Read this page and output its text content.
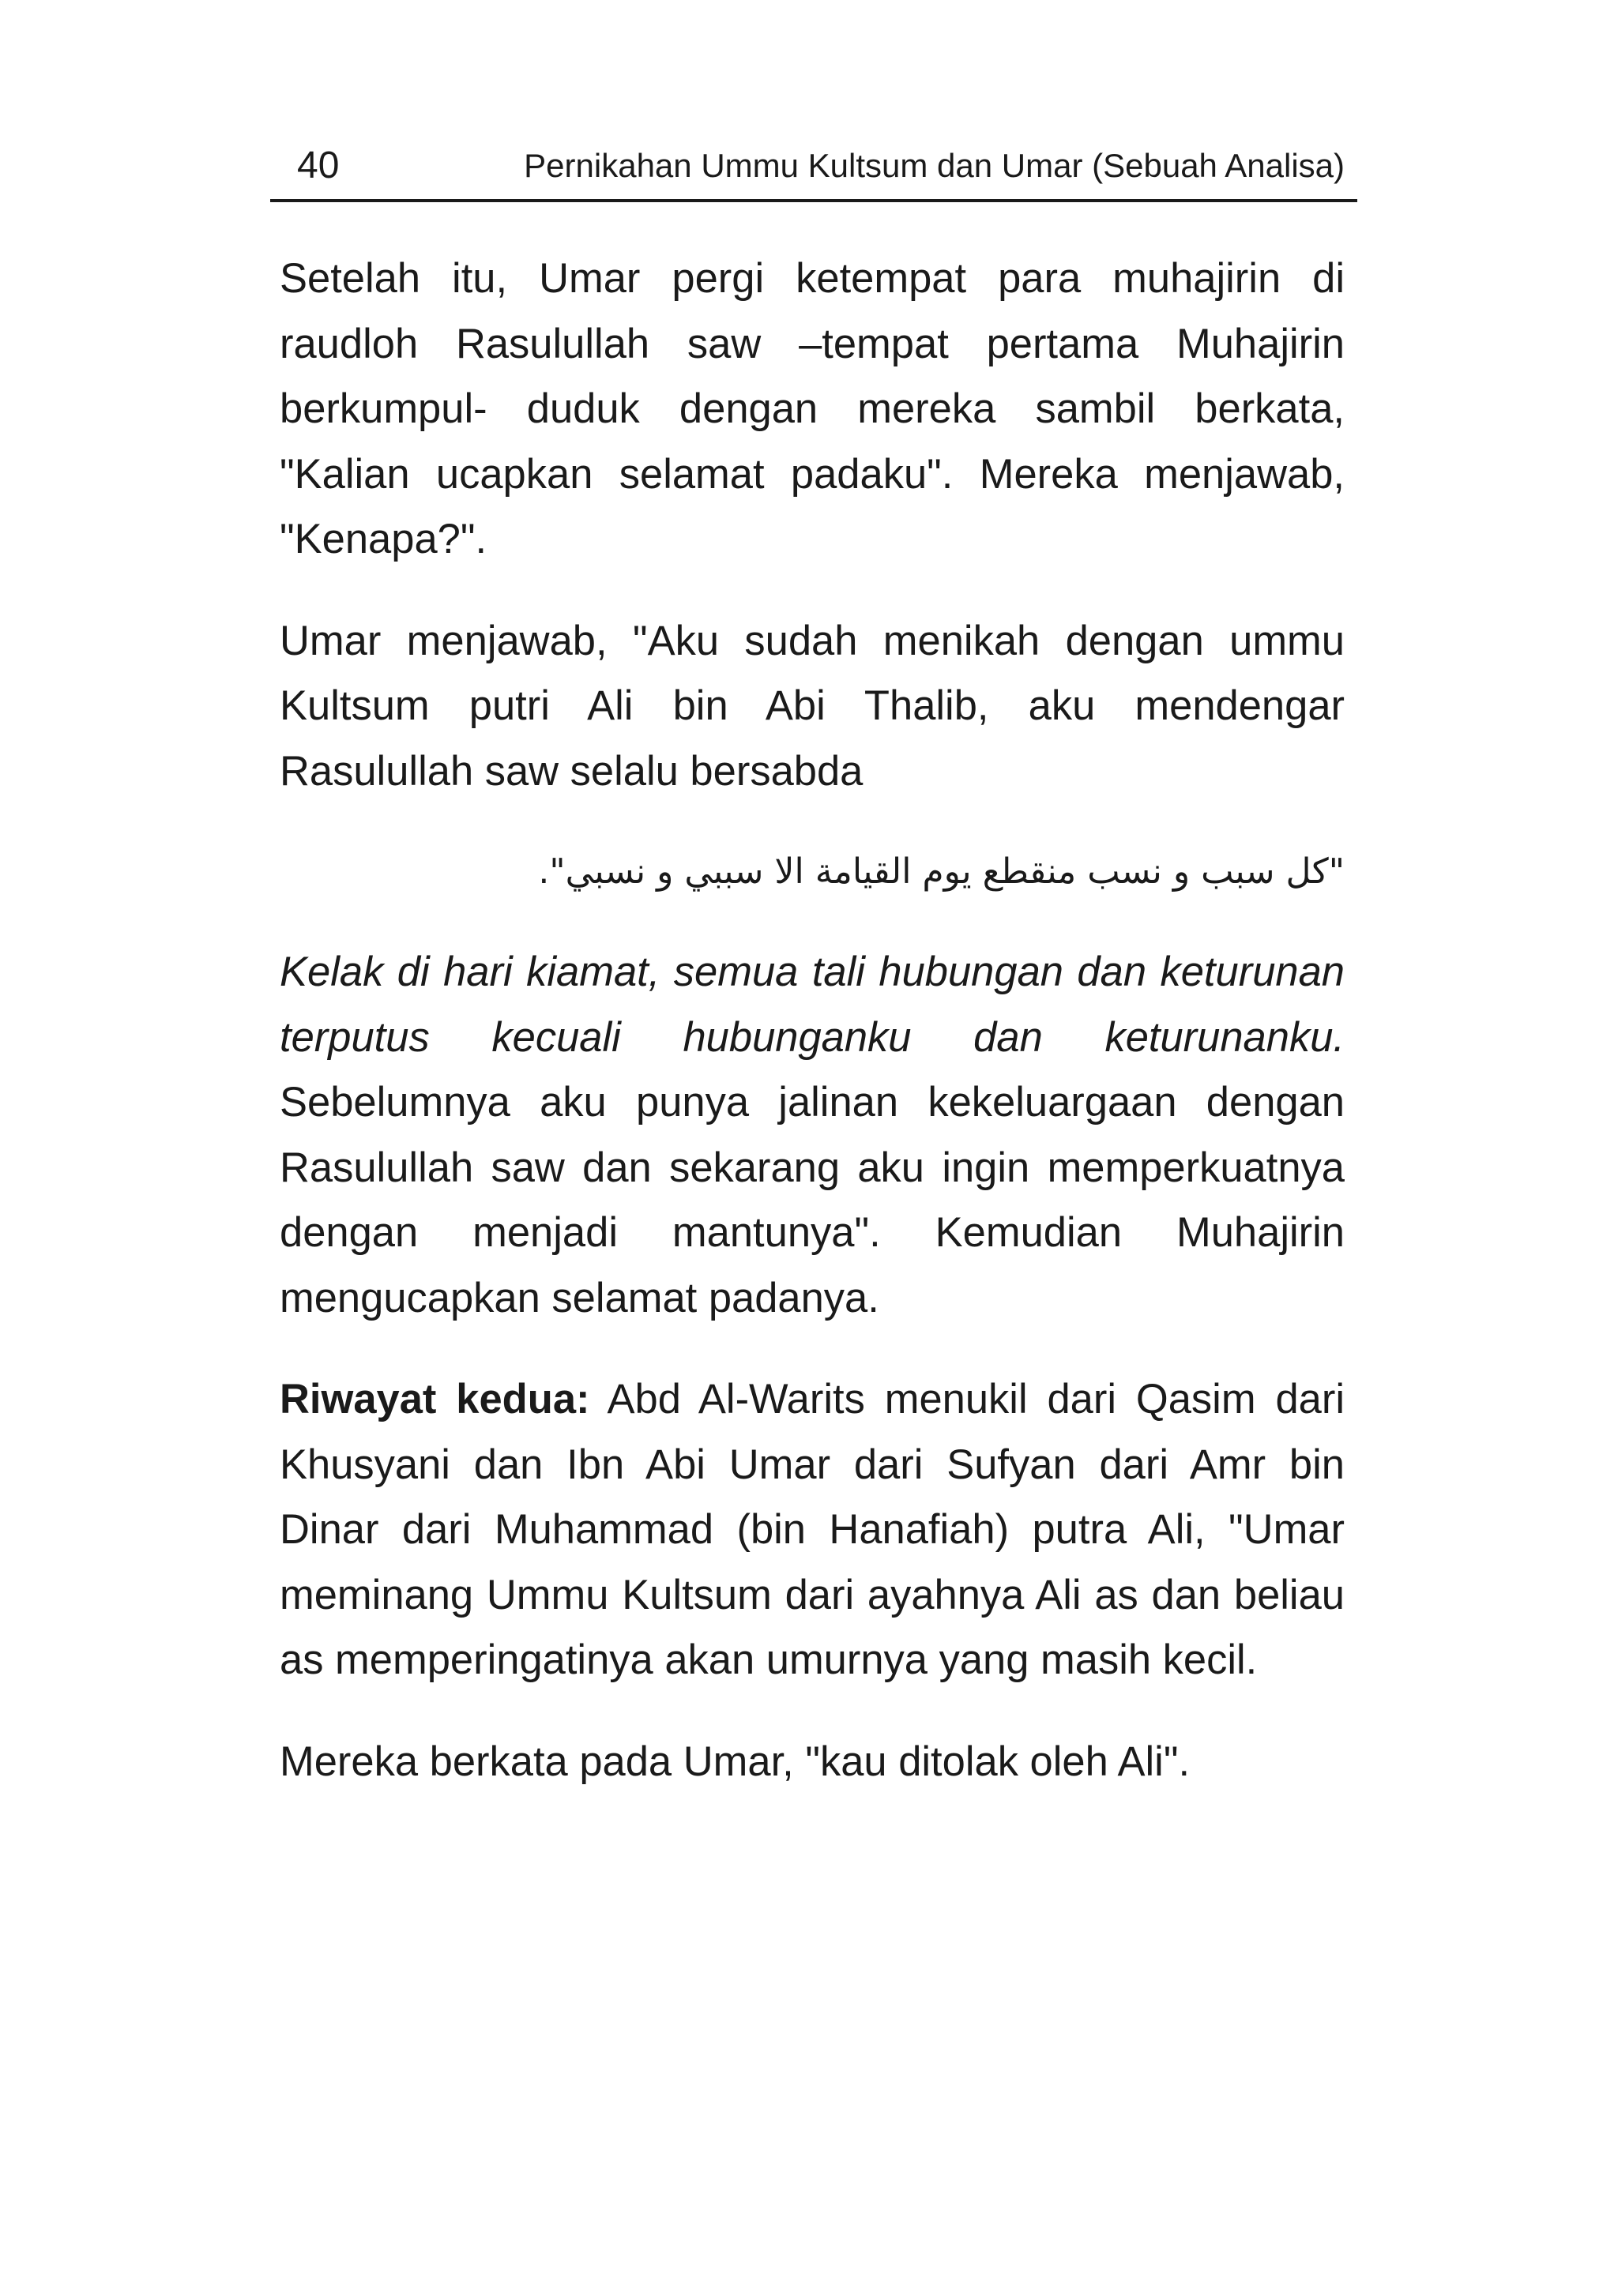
40	Pernikahan Ummu Kultsum dan Umar (Sebuah Analisa)

Setelah itu, Umar pergi ketempat para muhajirin di raudloh Rasulullah saw –tempat pertama Muhajirin berkumpul- duduk dengan mereka sambil berkata, "Kalian ucapkan selamat padaku". Mereka menjawab, "Kenapa?".

Umar menjawab, "Aku sudah menikah dengan ummu Kultsum putri Ali bin Abi Thalib, aku mendengar Rasulullah saw selalu bersabda

"كل سبب و نسب منقطع يوم القيامة الا سببي و نسبي".

Kelak di hari kiamat, semua tali hubungan dan keturunan terputus kecuali hubunganku dan keturunanku. Sebelumnya aku punya jalinan kekeluargaan dengan Rasulullah saw dan sekarang aku ingin memperkuatnya dengan menjadi mantunya". Kemudian Muhajirin mengucapkan selamat padanya.

Riwayat kedua: Abd Al-Warits menukil dari Qasim dari Khusyani dan Ibn Abi Umar dari Sufyan dari Amr bin Dinar dari Muhammad (bin Hanafiah) putra Ali, "Umar meminang Ummu Kultsum dari ayahnya Ali as dan beliau as memperingatinya akan umurnya yang masih kecil.

Mereka berkata pada Umar, "kau ditolak oleh Ali".
